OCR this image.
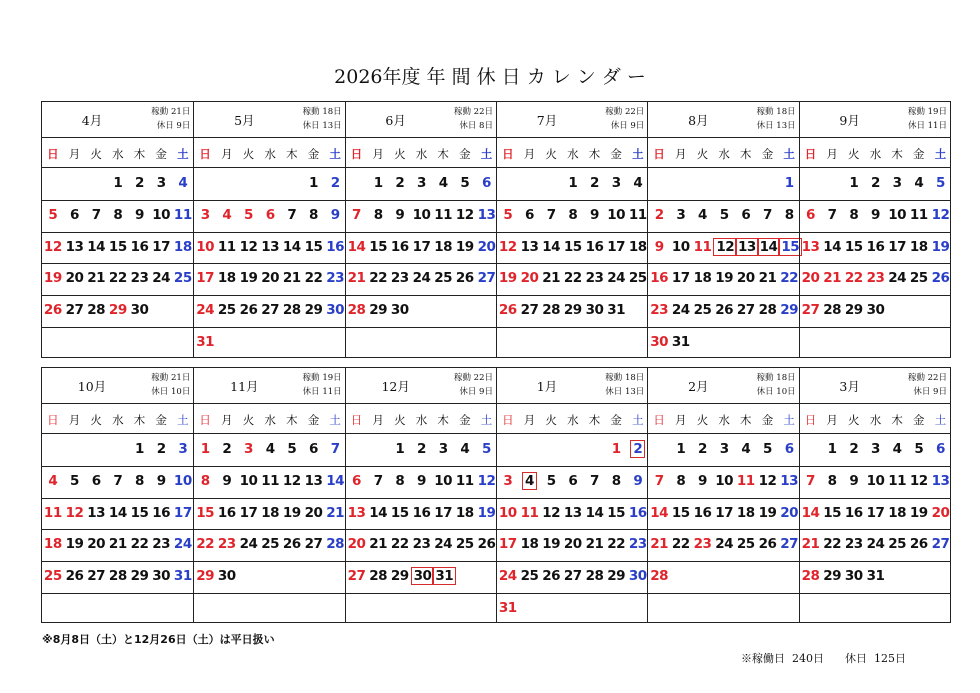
2026年度 年 間 休 日 カ レ ン ダ ー
4月
稼動 21日
休日 9日
日 月 火 水 木 金 土
1 2 3 4
5 6 7 8 9 10 11
12 13 14 15 16 17 18
19 20 21 22 23 24 25
26 27 28 29 30
5月
稼動 18日
休日 13日
日 月 火 水 木 金 土
1 2
3 4 5 6 7 8 9
10 11 12 13 14 15 16
17 18 19 20 21 22 23
24 25 26 27 28 29 30
31
6月
稼動 22日
休日 8日
日 月 火 水 木 金 土
1 2 3 4 5 6
7 8 9 10 11 12 13
14 15 16 17 18 19 20
21 22 23 24 25 26 27
28 29 30
7月
稼動 22日
休日 9日
日 月 火 水 木 金 土
1 2 3 4
5 6 7 8 9 10 11
12 13 14 15 16 17 18
19 20 21 22 23 24 25
26 27 28 29 30 31
8月
稼動 18日
休日 13日
日 月 火 水 木 金 土
1
2 3 4 5 6 7 8
9 10 11 12 13 14 15
16 17 18 19 20 21 22
23 24 25 26 27 28 29
30 31
9月
稼動 19日
休日 11日
日 月 火 水 木 金 土
1 2 3 4 5
6 7 8 9 10 11 12
13 14 15 16 17 18 19
20 21 22 23 24 25 26
27 28 29 30
10月
稼動 21日
休日 10日
日 月 火 水 木 金 土
1 2 3
4 5 6 7 8 9 10
11 12 13 14 15 16 17
18 19 20 21 22 23 24
25 26 27 28 29 30 31
11月
稼動 19日
休日 11日
日 月 火 水 木 金 土
1 2 3 4 5 6 7
8 9 10 11 12 13 14
15 16 17 18 19 20 21
22 23 24 25 26 27 28
29 30
12月
稼動 22日
休日 9日
日 月 火 水 木 金 土
1 2 3 4 5
6 7 8 9 10 11 12
13 14 15 16 17 18 19
20 21 22 23 24 25 26
27 28 29 30 31
1月
稼動 18日
休日 13日
日 月 火 水 木 金 土
1 2
3 4 5 6 7 8 9
10 11 12 13 14 15 16
17 18 19 20 21 22 23
24 25 26 27 28 29 30
31
2月
稼動 18日
休日 10日
日 月 火 水 木 金 土
1 2 3 4 5 6
7 8 9 10 11 12 13
14 15 16 17 18 19 20
21 22 23 24 25 26 27
28
3月
稼動 22日
休日 9日
日 月 火 水 木 金 土
1 2 3 4 5 6
7 8 9 10 11 12 13
14 15 16 17 18 19 20
21 22 23 24 25 26 27
28 29 30 31
※8月8日（土）と12月26日（土）は平日扱い
※稼働日  240日      休日  125日
